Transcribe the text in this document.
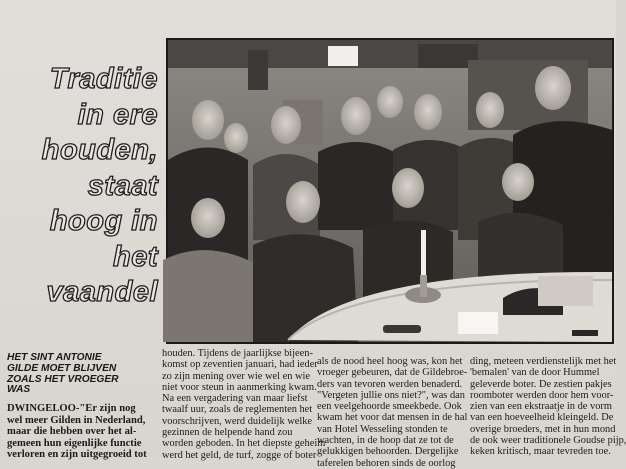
Traditie
in ere
houden,
staat
hoog in
het
vaandel
HET SINT ANTONIE
GILDE MOET BLIJVEN
ZOALS HET VROEGER
WAS
DWINGELOO-"Er zijn nog
wel meer Gilden in Nederland,
maar die hebben over het al-
gemeen hun eigenlijke functie
verloren en zijn uitgegroeid tot
houden. Tijdens de jaarlijkse bijeen-
komst op zeventien januari, had ieder
zo zijn mening over wie wel en wie
niet voor steun in aanmerking kwam.
Na een vergadering van maar liefst
twaalf uur, zoals de reglementen het
voorschrijven, werd duidelijk welke
gezinnen de helpende hand zou
worden geboden. In het diepste geheim
werd het geld, de turf, zogge of boter
als de nood heel hoog was, kon het
vroeger gebeuren, dat de Gildebroe-
ders van tevoren werden benaderd.
"Vergeten jullie ons niet?", was dan
een veelgehoorde smeekbede. Ook
kwam het voor dat mensen in de hal
van Hotel Wesseling stonden te
wachten, in de hoop dat ze tot de
gelukkigen behoorden. Dergelijke
taferelen behoren sinds de oorlog
ding, meteen verdienstelijk met het
'bemalen' van de door Hummel
geleverde boter. De zestien pakjes
roomboter werden door hem voor-
zien van een ekstraatje in de vorm
van een hoeveelheid kleingeld. De
overige broeders, met in hun mond
de ook weer traditionele Goudse pijp,
keken kritisch, maar tevreden toe.
